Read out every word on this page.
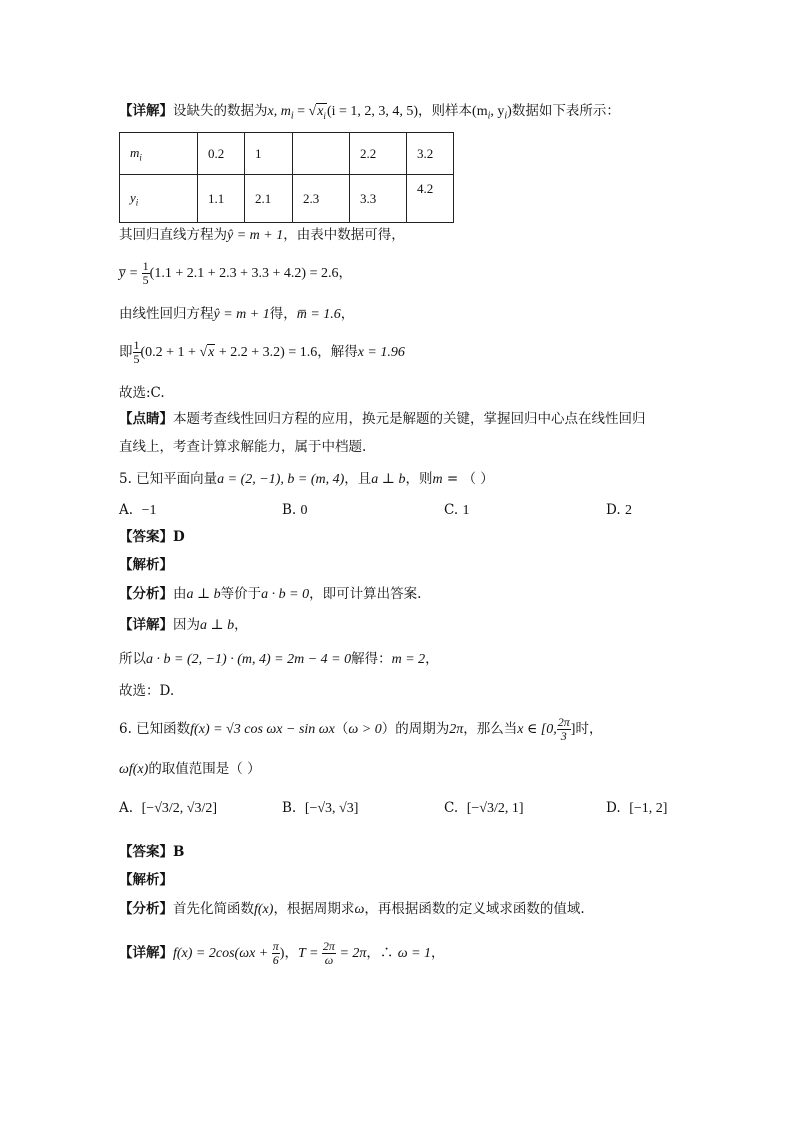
【详解】设缺失的数据为x, $m_i = √x_i(i = 1$, 2, 3, 4, 5)，则样本($m_i$, $y_i$)数据如下表所示：
$m_i$	0.2	1		2.2	3.2
$y_i$	1.1	2.1	2.3	3.3	4.2
其回归直线方程为ŷ = m + 1，由表中数据可得，
y̅ = $\frac{1}{5} (1.1 + 2.1 + 2.3 + 3.3 + 4.2) = 2.6$，
由线性回归方程ŷ = m + 1得，m̅ = 1.6，
即 $\frac{1}{5} (0.2 + 1 + √x + 2.2 + 3.2) = 1.6$，解得x = 1.96
故选:C.
【点睛】本题考查线性回归方程的应用，换元是解题的关键，掌握回归中心点在线性回归
直线上，考查计算求解能力，属于中档题.
5. 已知平面向量a = (2, −1), b = (m, 4)，且a ⊥ b，则m = （ ）
A. −1	B. 0	C. 1	D. 2
【答案】D
【解析】
【分析】由a ⊥ b等价于a · b = 0，即可计算出答案.
【详解】因为a ⊥ b，
所以a · b = (2, −1) · (m, 4) = 2m − 4 = 0解得：m = 2，
故选：D.
6. 已知函数f(x) = √3 cos ωx − sin ωx（ω > 0）的周期为2π，那么当x ∈ [0, $\frac{2\pi}{3}$ ]时，
ωf(x)的取值范围是（ ）
A. [−√3/2, √3/2]	B. [−√3, √3]	C. [−√3/2, 1]	D. [−1, 2]
【答案】B
【解析】
【分析】首先化简函数f(x)，根据周期求ω，再根据函数的定义域求函数的值域.
【详解】$f(x) = 2\cos(\omega x + \frac{\pi}{6}$ )，$T = \frac{2\pi}{\omega} = 2\pi$，∴ ω = 1，
